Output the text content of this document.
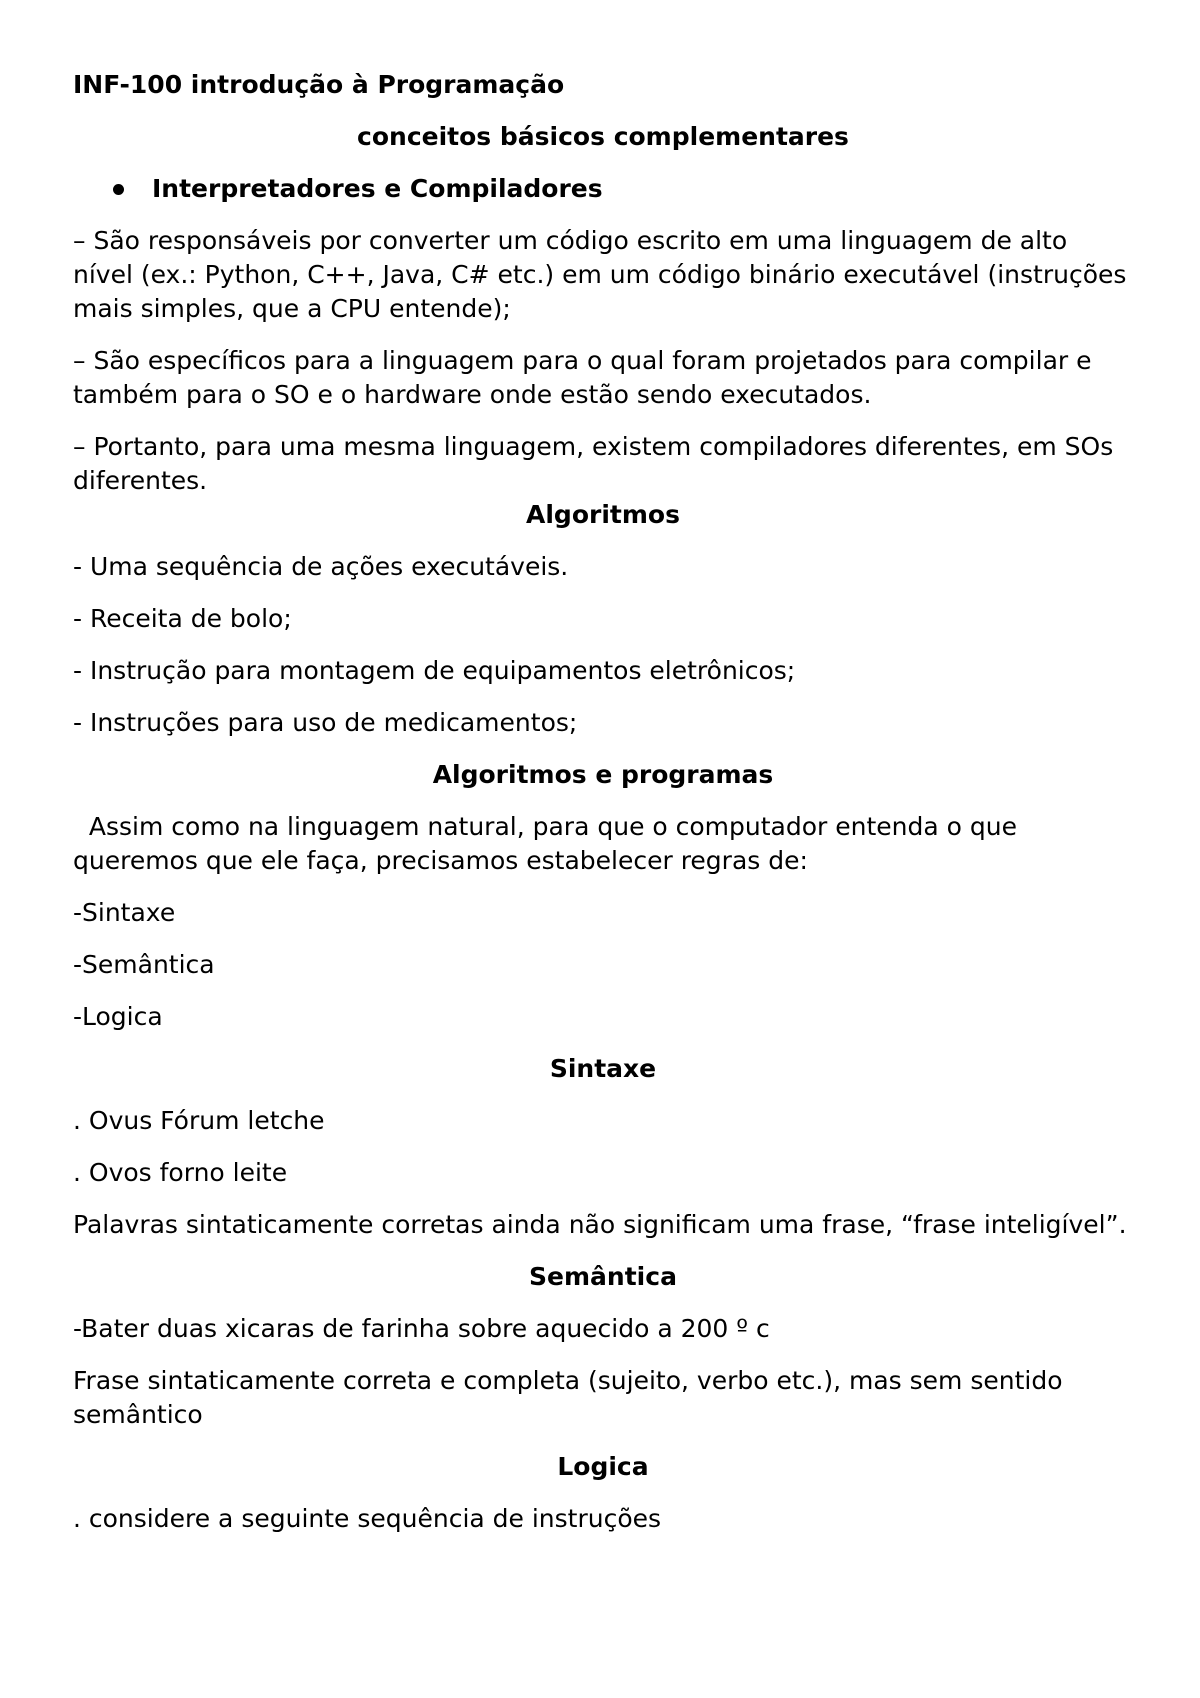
INF-100 introdução à Programação

conceitos básicos complementares

Interpretadores e Compiladores

– São responsáveis por converter um código escrito em uma linguagem de alto nível (ex.: Python, C++, Java, C# etc.) em um código binário executável (instruções mais simples, que a CPU entende);

– São específicos para a linguagem para o qual foram projetados para compilar e também para o SO e o hardware onde estão sendo executados.

– Portanto, para uma mesma linguagem, existem compiladores diferentes, em SOs diferentes.

Algoritmos

- Uma sequência de ações executáveis.

- Receita de bolo;

- Instrução para montagem de equipamentos eletrônicos;

- Instruções para uso de medicamentos;

Algoritmos e programas

Assim como na linguagem natural, para que o computador entenda o que queremos que ele faça, precisamos estabelecer regras de:

-Sintaxe

-Semântica

-Logica

Sintaxe

. Ovus Fórum letche

. Ovos forno leite

Palavras sintaticamente corretas ainda não significam uma frase, “frase inteligível”.

Semântica

-Bater duas xicaras de farinha sobre aquecido a 200 º c

Frase sintaticamente correta e completa (sujeito, verbo etc.), mas sem sentido semântico

Logica

. considere a seguinte sequência de instruções
